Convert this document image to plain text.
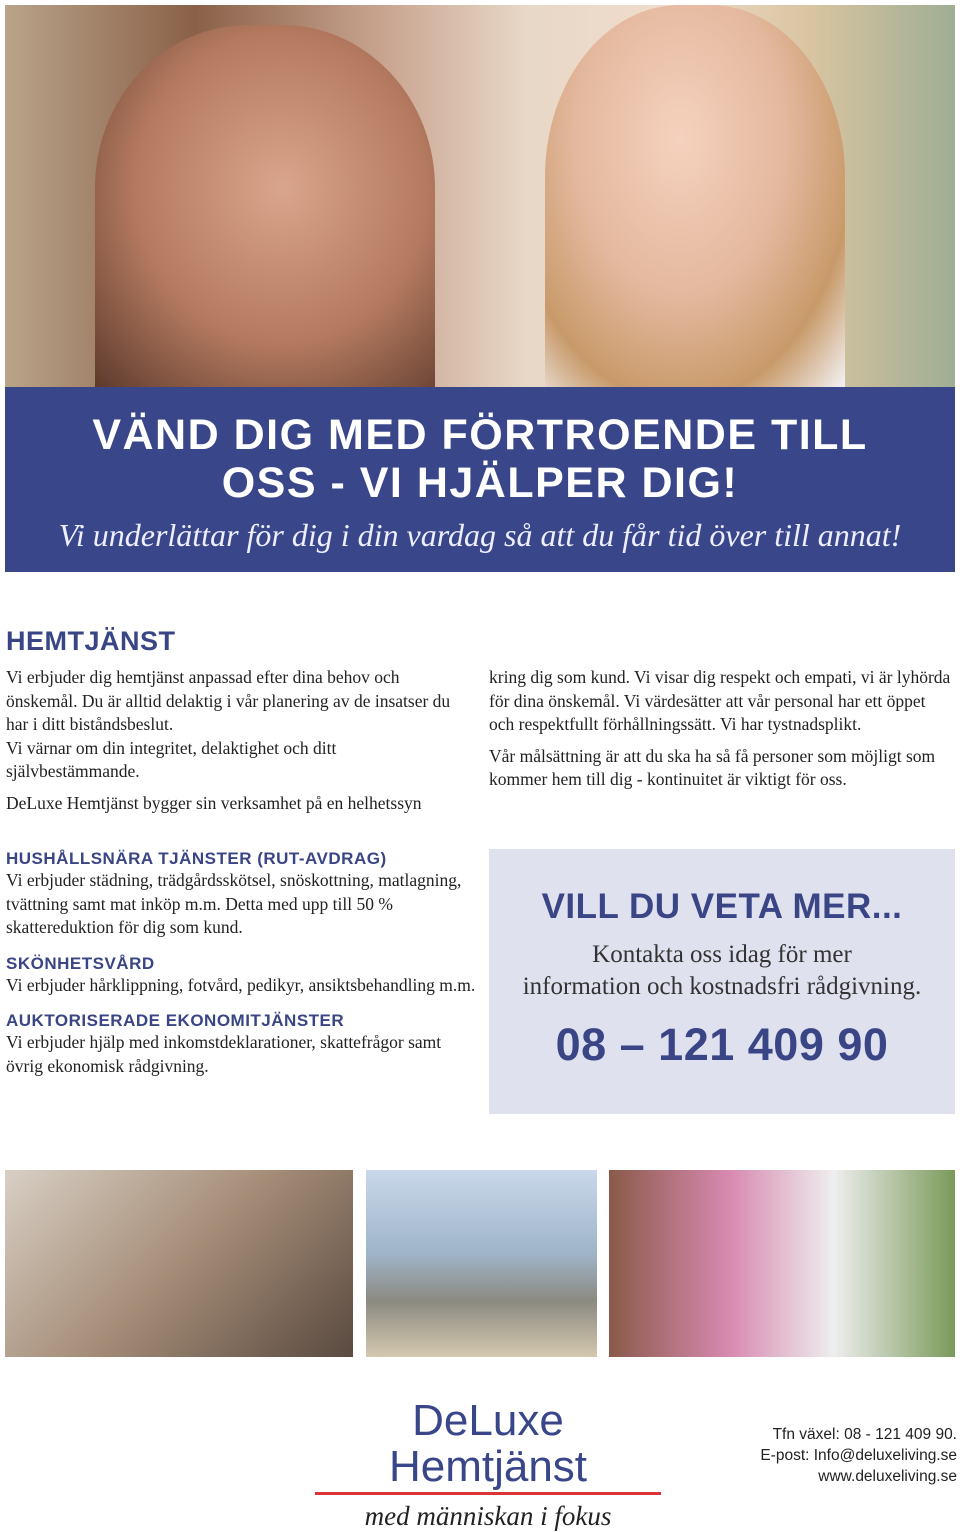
VÄND DIG MED FÖRTROENDE TILL
OSS - VI HJÄLPER DIG!

Vi underlättar för dig i din vardag så att du får tid över till annat!

HEMTJÄNST

Vi erbjuder dig hemtjänst anpassad efter dina behov och önskemål. Du är alltid delaktig i vår planering av de insatser du har i ditt biståndsbeslut.

Vi värnar om din integritet, delaktighet och ditt självbestämmande.

DeLuxe Hemtjänst bygger sin verksamhet på en helhetssyn

kring dig som kund. Vi visar dig respekt och empati, vi är lyhörda för dina önskemål. Vi värdesätter att vår personal har ett öppet och respektfullt förhållningssätt. Vi har tystnadsplikt.

Vår målsättning är att du ska ha så få personer som möjligt som kommer hem till dig - kontinuitet är viktigt för oss.

HUSHÅLLSNÄRA TJÄNSTER (RUT-AVDRAG)

Vi erbjuder städning, trädgårdsskötsel, snöskottning, matlagning, tvättning samt mat inköp m.m. Detta med upp till 50 % skattereduktion för dig som kund.

SKÖNHETSVÅRD

Vi erbjuder hårklippning, fotvård, pedikyr, ansiktsbehandling m.m.

AUKTORISERADE EKONOMITJÄNSTER

Vi erbjuder hjälp med inkomstdeklarationer, skattefrågor samt övrig ekonomisk rådgivning.

VILL DU VETA MER...
Kontakta oss idag för mer
information och kostnadsfri rådgivning.
08 – 121 409 90
DeLuxe Hemtjänst
med människan i fokus
Tfn växel: 08 - 121 409 90.
E-post: Info@deluxeliving.se
www.deluxeliving.se
